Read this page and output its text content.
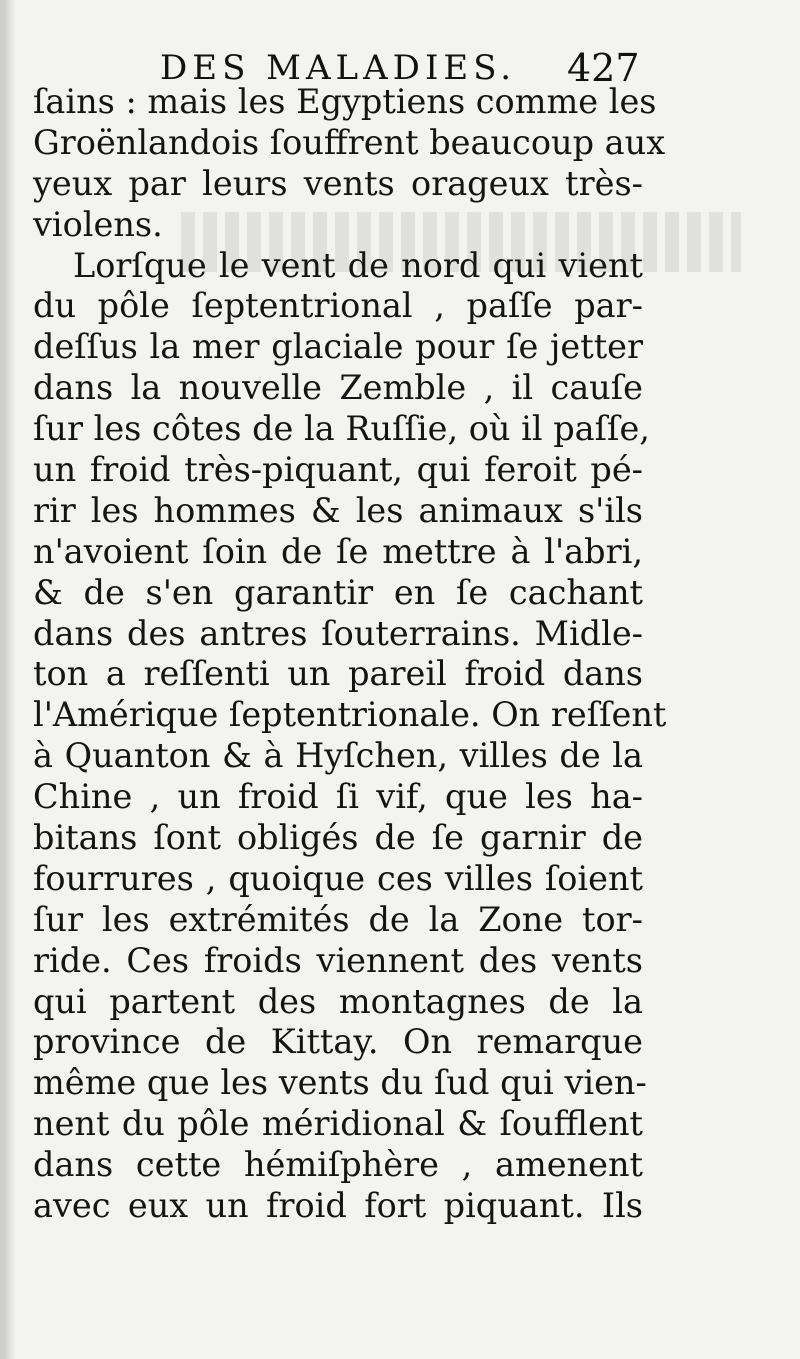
DES MALADIES. 427
ſains : mais les Egyptiens comme les
Groënlandois ſouffrent beaucoup aux
yeux par leurs vents orageux très-
violens.
Lorſque le vent de nord qui vient
du pôle ſeptentrional , paſſe par-
deſſus la mer glaciale pour ſe jetter
dans la nouvelle Zemble , il cauſe
ſur les côtes de la Ruſſie, où il paſſe,
un froid très-piquant, qui feroit pé-
rir les hommes & les animaux s'ils
n'avoient ſoin de ſe mettre à l'abri,
& de s'en garantir en ſe cachant
dans des antres ſouterrains. Midle-
ton a reſſenti un pareil froid dans
l'Amérique ſeptentrionale. On reſſent
à Quanton & à Hyſchen, villes de la
Chine , un froid ſi vif, que les ha-
bitans ſont obligés de ſe garnir de
fourrures , quoique ces villes ſoient
ſur les extrémités de la Zone tor-
ride. Ces froids viennent des vents
qui partent des montagnes de la
province de Kittay. On remarque
même que les vents du ſud qui vien-
nent du pôle méridional & ſoufflent
dans cette hémiſphère , amenent
avec eux un froid fort piquant. Ils
